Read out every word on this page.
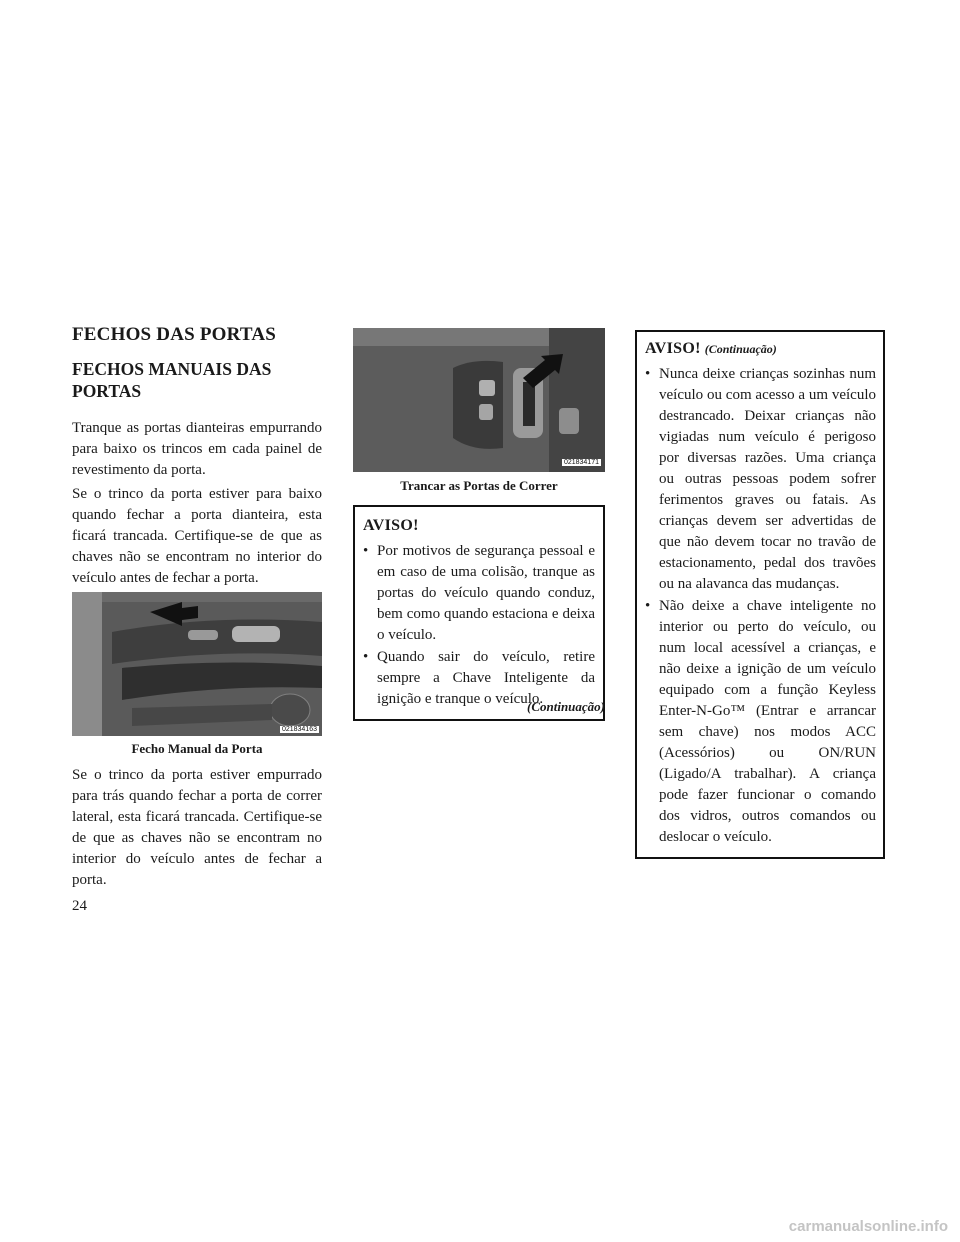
FECHOS DAS PORTAS
FECHOS MANUAIS DAS PORTAS

Tranque as portas dianteiras empurrando para baixo os trincos em cada painel de revestimento da porta.

Se o trinco da porta estiver para baixo quando fechar a porta dianteira, esta ficará trancada. Certifique-se de que as chaves não se encontram no interior do veículo antes de fechar a porta.

021834163
Fecho Manual da Porta

Se o trinco da porta estiver empurrado para trás quando fechar a porta de correr lateral, esta ficará trancada. Certifique-se de que as chaves não se encontram no interior do veículo antes de fechar a porta.

021834171
Trancar as Portas de Correr
AVISO!
• Por motivos de segurança pessoal e em caso de uma colisão, tranque as portas do veículo quando conduz, bem como quando estaciona e deixa o veículo.
• Quando sair do veículo, retire sempre a Chave Inteligente da ignição e tranque o veículo.
(Continuação)
AVISO! (Continuação)
• Nunca deixe crianças sozinhas num veículo ou com acesso a um veículo destrancado. Deixar crianças não vigiadas num veículo é perigoso por diversas razões. Uma criança ou outras pessoas podem sofrer ferimentos graves ou fatais. As crianças devem ser advertidas de que não devem tocar no travão de estacionamento, pedal dos travões ou na alavanca das mudanças.
• Não deixe a chave inteligente no interior ou perto do veículo, ou num local acessível a crianças, e não deixe a ignição de um veículo equipado com a função Keyless Enter-N-Go™ (Entrar e arrancar sem chave) nos modos ACC (Acessórios) ou ON/RUN (Ligado/A trabalhar). A criança pode fazer funcionar o comando dos vidros, outros comandos ou deslocar o veículo.
24
carmanualsonline.info
